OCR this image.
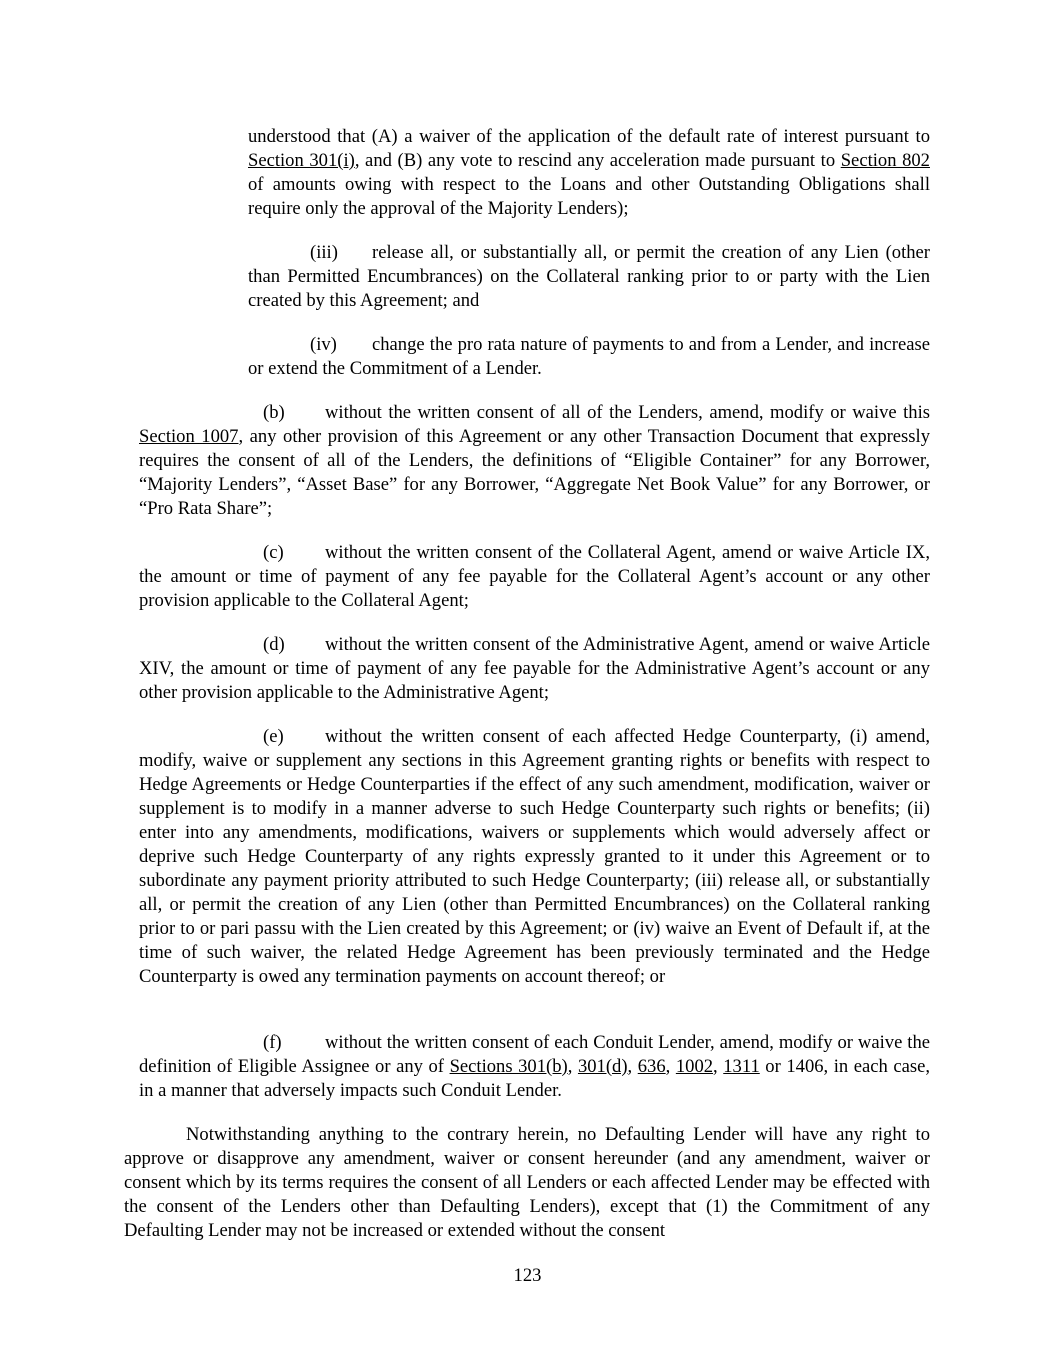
understood that (A) a waiver of the application of the default rate of interest pursuant to Section 301(i), and (B) any vote to rescind any acceleration made pursuant to Section 802 of amounts owing with respect to the Loans and other Outstanding Obligations shall require only the approval of the Majority Lenders);

(iii) release all, or substantially all, or permit the creation of any Lien (other than Permitted Encumbrances) on the Collateral ranking prior to or party with the Lien created by this Agreement; and

(iv) change the pro rata nature of payments to and from a Lender, and increase or extend the Commitment of a Lender.

(b) without the written consent of all of the Lenders, amend, modify or waive this Section 1007, any other provision of this Agreement or any other Transaction Document that expressly requires the consent of all of the Lenders, the definitions of “Eligible Container” for any Borrower, “Majority Lenders”, “Asset Base” for any Borrower, “Aggregate Net Book Value” for any Borrower, or “Pro Rata Share”;

(c) without the written consent of the Collateral Agent, amend or waive Article IX, the amount or time of payment of any fee payable for the Collateral Agent’s account or any other provision applicable to the Collateral Agent;

(d) without the written consent of the Administrative Agent, amend or waive Article XIV, the amount or time of payment of any fee payable for the Administrative Agent’s account or any other provision applicable to the Administrative Agent;

(e) without the written consent of each affected Hedge Counterparty, (i) amend, modify, waive or supplement any sections in this Agreement granting rights or benefits with respect to Hedge Agreements or Hedge Counterparties if the effect of any such amendment, modification, waiver or supplement is to modify in a manner adverse to such Hedge Counterparty such rights or benefits; (ii) enter into any amendments, modifications, waivers or supplements which would adversely affect or deprive such Hedge Counterparty of any rights expressly granted to it under this Agreement or to subordinate any payment priority attributed to such Hedge Counterparty; (iii) release all, or substantially all, or permit the creation of any Lien (other than Permitted Encumbrances) on the Collateral ranking prior to or pari passu with the Lien created by this Agreement; or (iv) waive an Event of Default if, at the time of such waiver, the related Hedge Agreement has been previously terminated and the Hedge Counterparty is owed any termination payments on account thereof; or

(f) without the written consent of each Conduit Lender, amend, modify or waive the definition of Eligible Assignee or any of Sections 301(b), 301(d), 636, 1002, 1311 or 1406, in each case, in a manner that adversely impacts such Conduit Lender.

Notwithstanding anything to the contrary herein, no Defaulting Lender will have any right to approve or disapprove any amendment, waiver or consent hereunder (and any amendment, waiver or consent which by its terms requires the consent of all Lenders or each affected Lender may be effected with the consent of the Lenders other than Defaulting Lenders), except that (1) the Commitment of any Defaulting Lender may not be increased or extended without the consent

123
